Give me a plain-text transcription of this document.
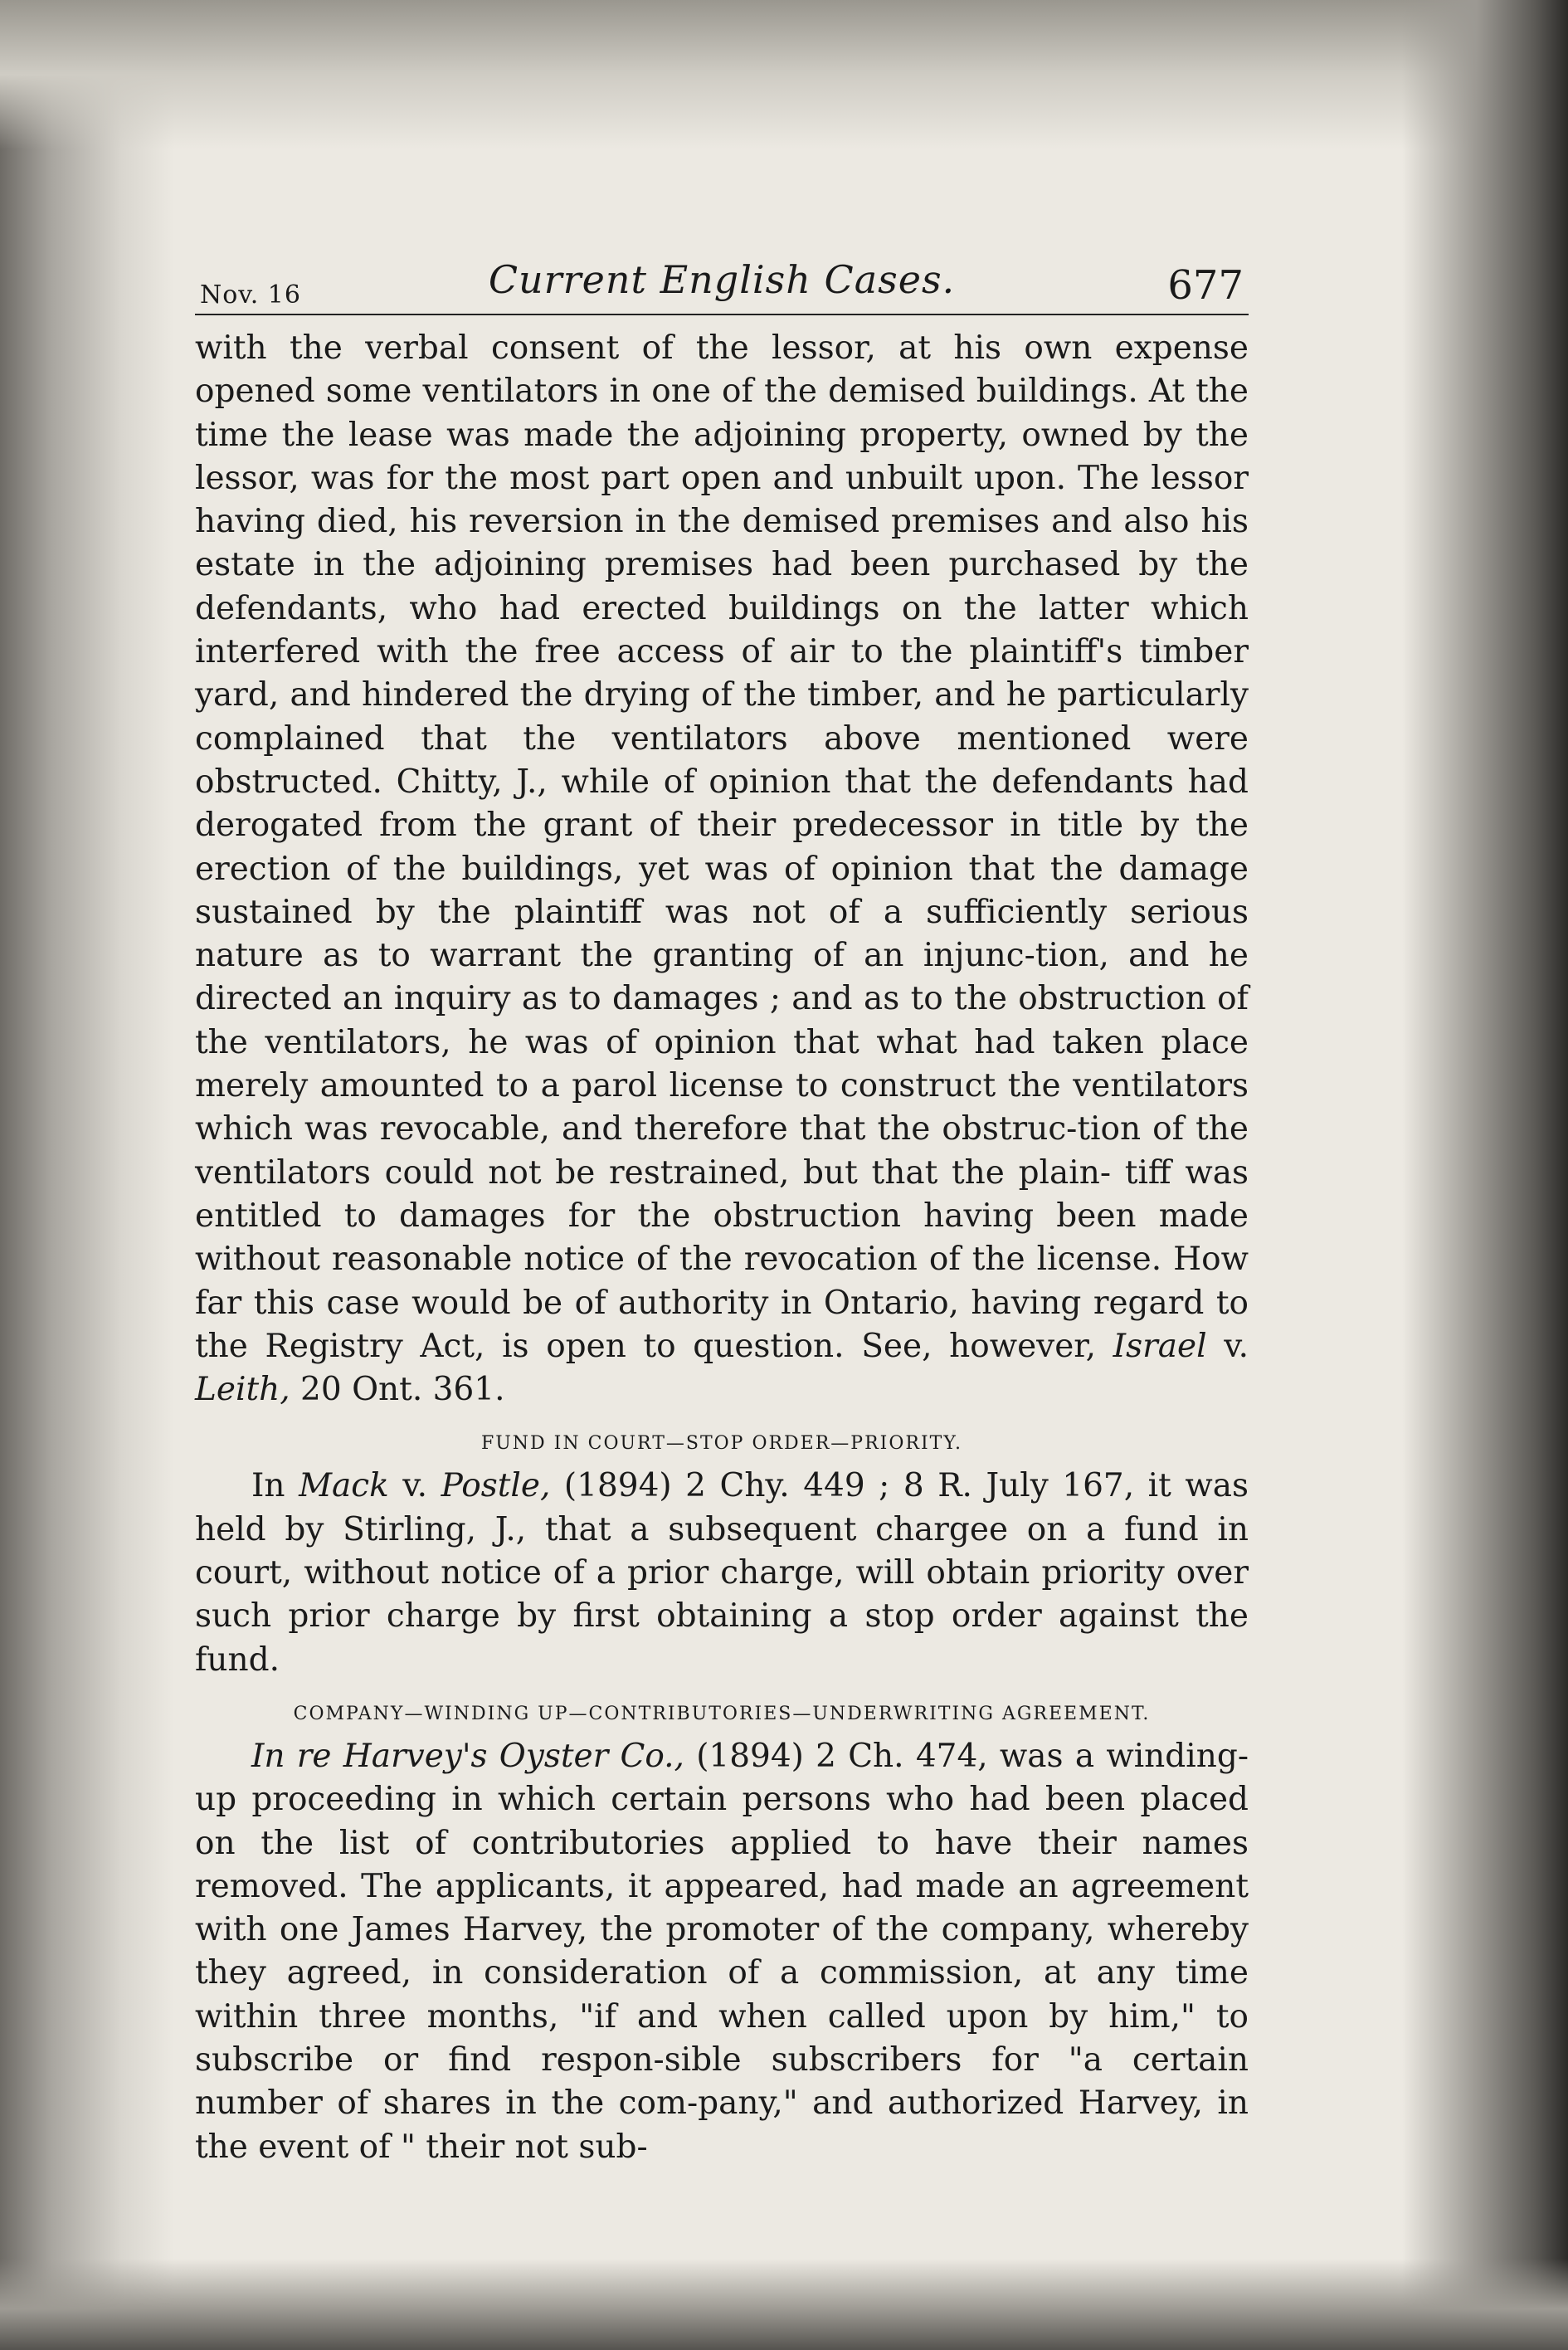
Nov. 16	Current English Cases.	677

with the verbal consent of the lessor, at his own expense opened some ventilators in one of the demised buildings. At the time the lease was made the adjoining property, owned by the lessor, was for the most part open and unbuilt upon. The lessor having died, his reversion in the demised premises and also his estate in the adjoining premises had been purchased by the defendants, who had erected buildings on the latter which interfered with the free access of air to the plaintiff's timber yard, and hindered the drying of the timber, and he particularly complained that the ventilators above mentioned were obstructed. Chitty, J., while of opinion that the defendants had derogated from the grant of their predecessor in title by the erection of the buildings, yet was of opinion that the damage sustained by the plaintiff was not of a sufficiently serious nature as to warrant the granting of an injunc-tion, and he directed an inquiry as to damages ; and as to the obstruction of the ventilators, he was of opinion that what had taken place merely amounted to a parol license to construct the ventilators which was revocable, and therefore that the obstruc-tion of the ventilators could not be restrained, but that the plain- tiff was entitled to damages for the obstruction having been made without reasonable notice of the revocation of the license. How far this case would be of authority in Ontario, having regard to the Registry Act, is open to question. See, however, Israel v. Leith, 20 Ont. 361.

FUND IN COURT—STOP ORDER—PRIORITY.

In Mack v. Postle, (1894) 2 Chy. 449 ; 8 R. July 167, it was held by Stirling, J., that a subsequent chargee on a fund in court, without notice of a prior charge, will obtain priority over such prior charge by first obtaining a stop order against the fund.

COMPANY—WINDING UP—CONTRIBUTORIES—UNDERWRITING AGREEMENT.

In re Harvey's Oyster Co., (1894) 2 Ch. 474, was a winding-up proceeding in which certain persons who had been placed on the list of contributories applied to have their names removed. The applicants, it appeared, had made an agreement with one James Harvey, the promoter of the company, whereby they agreed, in consideration of a commission, at any time within three months, "if and when called upon by him," to subscribe or find respon-sible subscribers for "a certain number of shares in the com-pany," and authorized Harvey, in the event of " their not sub-
